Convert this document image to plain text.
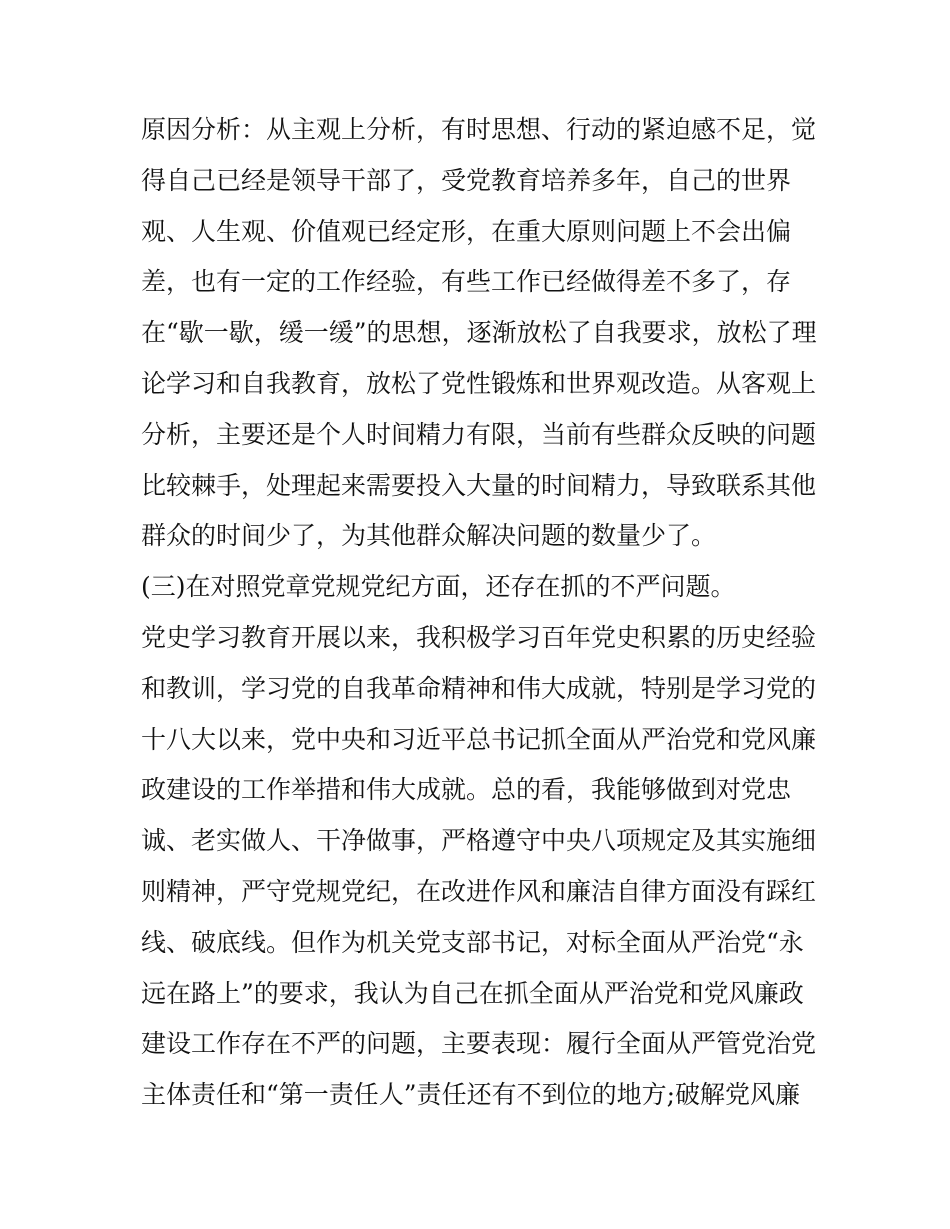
原因分析：从主观上分析，有时思想、行动的紧迫感不足，觉
得自己已经是领导干部了，受党教育培养多年，自己的世界
观、人生观、价值观已经定形，在重大原则问题上不会出偏
差，也有一定的工作经验，有些工作已经做得差不多了，存
在“歇一歇，缓一缓”的思想，逐渐放松了自我要求，放松了理
论学习和自我教育，放松了党性锻炼和世界观改造。从客观上
分析，主要还是个人时间精力有限，当前有些群众反映的问题
比较棘手，处理起来需要投入大量的时间精力，导致联系其他
群众的时间少了，为其他群众解决问题的数量少了。
(三)在对照党章党规党纪方面，还存在抓的不严问题。
党史学习教育开展以来，我积极学习百年党史积累的历史经验
和教训，学习党的自我革命精神和伟大成就，特别是学习党的
十八大以来，党中央和习近平总书记抓全面从严治党和党风廉
政建设的工作举措和伟大成就。总的看，我能够做到对党忠
诚、老实做人、干净做事，严格遵守中央八项规定及其实施细
则精神，严守党规党纪，在改进作风和廉洁自律方面没有踩红
线、破底线。但作为机关党支部书记，对标全面从严治党“永
远在路上”的要求，我认为自己在抓全面从严治党和党风廉政
建设工作存在不严的问题，主要表现：履行全面从严管党治党
主体责任和“第一责任人”责任还有不到位的地方;破解党风廉
